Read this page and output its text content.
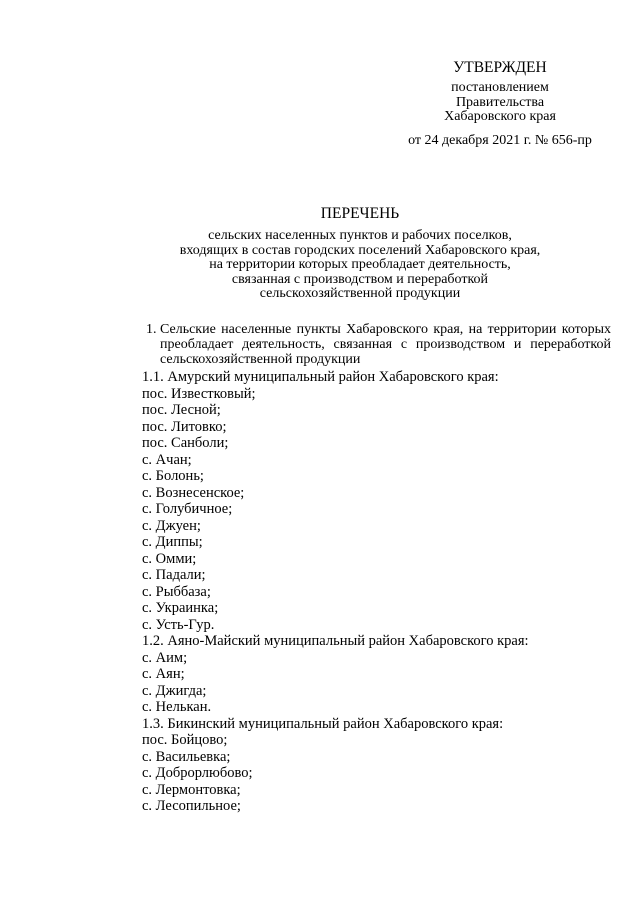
УТВЕРЖДЕН
постановлением
Правительства
Хабаровского края
от 24 декабря 2021 г. № 656-пр
ПЕРЕЧЕНЬ
сельских населенных пунктов и рабочих поселков,
входящих в состав городских поселений Хабаровского края,
на территории которых преобладает деятельность,
связанная с производством и переработкой
сельскохозяйственной продукции
1. Сельские населенные пункты Хабаровского края, на территории которых преобладает деятельность, связанная с производством и переработкой сельскохозяйственной продукции
1.1. Амурский муниципальный район Хабаровского края:
пос. Известковый;
пос. Лесной;
пос. Литовко;
пос. Санболи;
с. Ачан;
с. Болонь;
с. Вознесенское;
с. Голубичное;
с. Джуен;
с. Диппы;
с. Омми;
с. Падали;
с. Рыббаза;
с. Украинка;
с. Усть-Гур.
1.2. Аяно-Майский муниципальный район Хабаровского края:
с. Аим;
с. Аян;
с. Джигда;
с. Нелькан.
1.3. Бикинский муниципальный район Хабаровского края:
пос. Бойцово;
с. Васильевка;
с. Доброрлюбово;
с. Лермонтовка;
с. Лесопильное;
